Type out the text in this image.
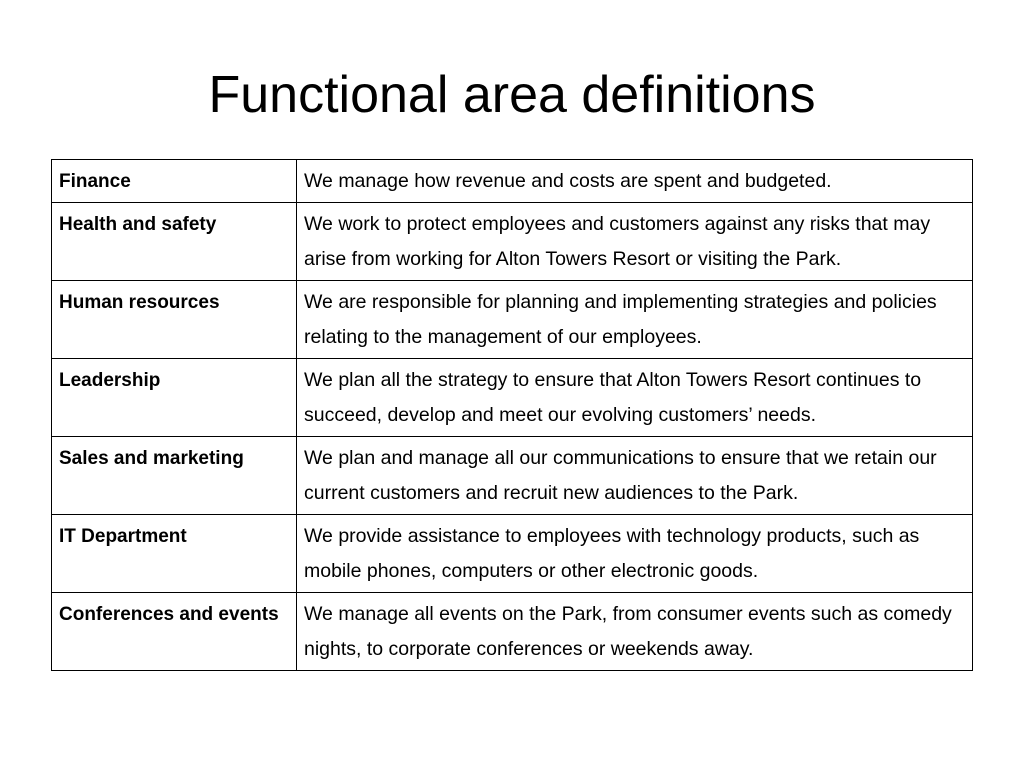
Functional area definitions
Finance	We manage how revenue and costs are spent and budgeted.
Health and safety	We work to protect employees and customers against any risks that may arise from working for Alton Towers Resort or visiting the Park.
Human resources	We are responsible for planning and implementing strategies and policies relating to the management of our employees.
Leadership	We plan all the strategy to ensure that Alton Towers Resort continues to succeed, develop and meet our evolving customers’ needs.
Sales and marketing	We plan and manage all our communications to ensure that we retain our current customers and recruit new audiences to the Park.
IT Department	We provide assistance to employees with technology products, such as mobile phones, computers or other electronic goods.
Conferences and events	We manage all events on the Park, from consumer events such as comedy nights, to corporate conferences or weekends away.
